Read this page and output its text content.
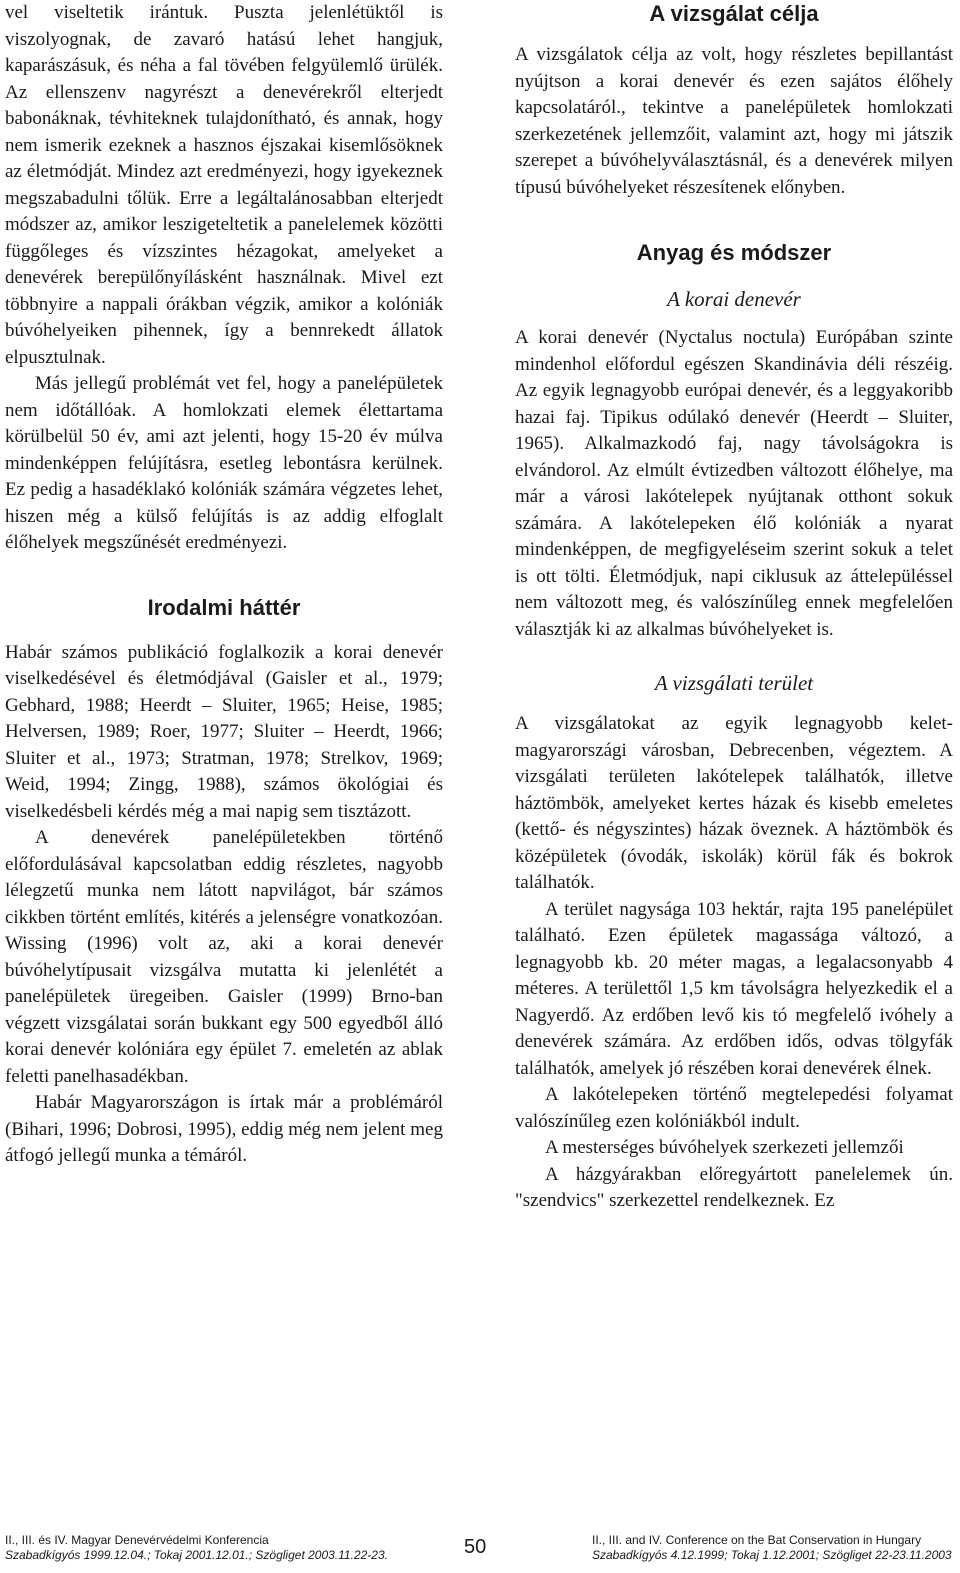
vel viseltetik irántuk. Puszta jelenlétüktől is viszolyognak, de zavaró hatású lehet hangjuk, kaparászásuk, és néha a fal tövében felgyülemlő ürülék. Az ellenszenv nagyrészt a denevérekről elterjedt babonáknak, tévhiteknek tulajdonítható, és annak, hogy nem ismerik ezeknek a hasznos éjszakai kisemlősöknek az életmódját. Mindez azt eredményezi, hogy igyekeznek megszabadulni tőlük. Erre a legáltalánosabban elterjedt módszer az, amikor leszigeteltetik a panelelemek közötti függőleges és vízszintes hézagokat, amelyeket a denevérek berepülőnyílásként használnak. Mivel ezt többnyire a nappali órákban végzik, amikor a kolóniák búvóhelyeiken pihennek, így a bennrekedt állatok elpusztulnak.

Más jellegű problémát vet fel, hogy a panelépületek nem időtállóak. A homlokzati elemek élettartama körülbelül 50 év, ami azt jelenti, hogy 15-20 év múlva mindenképpen felújításra, esetleg lebontásra kerülnek. Ez pedig a hasadéklakó kolóniák számára végzetes lehet, hiszen még a külső felújítás is az addig elfoglalt élőhelyek megszűnését eredményezi.

Irodalmi háttér

Habár számos publikáció foglalkozik a korai denevér viselkedésével és életmódjával (Gaisler et al., 1979; Gebhard, 1988; Heerdt – Sluiter, 1965; Heise, 1985; Helversen, 1989; Roer, 1977; Sluiter – Heerdt, 1966; Sluiter et al., 1973; Stratman, 1978; Strelkov, 1969; Weid, 1994; Zingg, 1988), számos ökológiai és viselkedésbeli kérdés még a mai napig sem tisztázott.

A denevérek panelépületekben történő előfordulásával kapcsolatban eddig részletes, nagyobb lélegzetű munka nem látott napvilágot, bár számos cikkben történt említés, kitérés a jelenségre vonatkozóan. Wissing (1996) volt az, aki a korai denevér búvóhelytípusait vizsgálva mutatta ki jelenlétét a panelépületek üregeiben. Gaisler (1999) Brno-ban végzett vizsgálatai során bukkant egy 500 egyedből álló korai denevér kolóniára egy épület 7. emeletén az ablak feletti panelhasadékban.

Habár Magyarországon is írtak már a problémáról (Bihari, 1996; Dobrosi, 1995), eddig még nem jelent meg átfogó jellegű munka a témáról.

A vizsgálat célja

A vizsgálatok célja az volt, hogy részletes bepillantást nyújtson a korai denevér és ezen sajátos élőhely kapcsolatáról., tekintve a panelépületek homlokzati szerkezetének jellemzőit, valamint azt, hogy mi játszik szerepet a búvóhelyválasztásnál, és a denevérek milyen típusú búvóhelyeket részesítenek előnyben.

Anyag és módszer
A korai denevér

A korai denevér (Nyctalus noctula) Európában szinte mindenhol előfordul egészen Skandinávia déli részéig. Az egyik legnagyobb európai denevér, és a leggyakoribb hazai faj. Tipikus odúlakó denevér (Heerdt – Sluiter, 1965). Alkalmazkodó faj, nagy távolságokra is elvándorol. Az elmúlt évtizedben változott élőhelye, ma már a városi lakótelepek nyújtanak otthont sokuk számára. A lakótelepeken élő kolóniák a nyarat mindenképpen, de megfigyeléseim szerint sokuk a telet is ott tölti. Életmódjuk, napi ciklusuk az áttelepüléssel nem változott meg, és valószínűleg ennek megfelelően választják ki az alkalmas búvóhelyeket is.

A vizsgálati terület

A vizsgálatokat az egyik legnagyobb kelet-magyarországi városban, Debrecenben, végeztem. A vizsgálati területen lakótelepek találhatók, illetve háztömbök, amelyeket kertes házak és kisebb emeletes (kettő- és négyszintes) házak öveznek. A háztömbök és középületek (óvodák, iskolák) körül fák és bokrok találhatók.

A terület nagysága 103 hektár, rajta 195 panelépület található. Ezen épületek magassága változó, a legnagyobb kb. 20 méter magas, a legalacsonyabb 4 méteres. A területtől 1,5 km távolságra helyezkedik el a Nagyerdő. Az erdőben levő kis tó megfelelő ivóhely a denevérek számára. Az erdőben idős, odvas tölgyfák találhatók, amelyek jó részében korai denevérek élnek.

A lakótelepeken történő megtelepedési folyamat valószínűleg ezen kolóniákból indult.

A mesterséges búvóhelyek szerkezeti jellemzői

A házgyárakban előregyártott panelelemek ún. "szendvics" szerkezettel rendelkeznek. Ez

II., III. és IV. Magyar Denevérvédelmi Konferencia
Szabadkígyós 1999.12.04.; Tokaj 2001.12.01.; Szögliget 2003.11.22-23.	50	II., III. and IV. Conference on the Bat Conservation in Hungary
Szabadkígyós 4.12.1999; Tokaj 1.12.2001; Szögliget 22-23.11.2003
